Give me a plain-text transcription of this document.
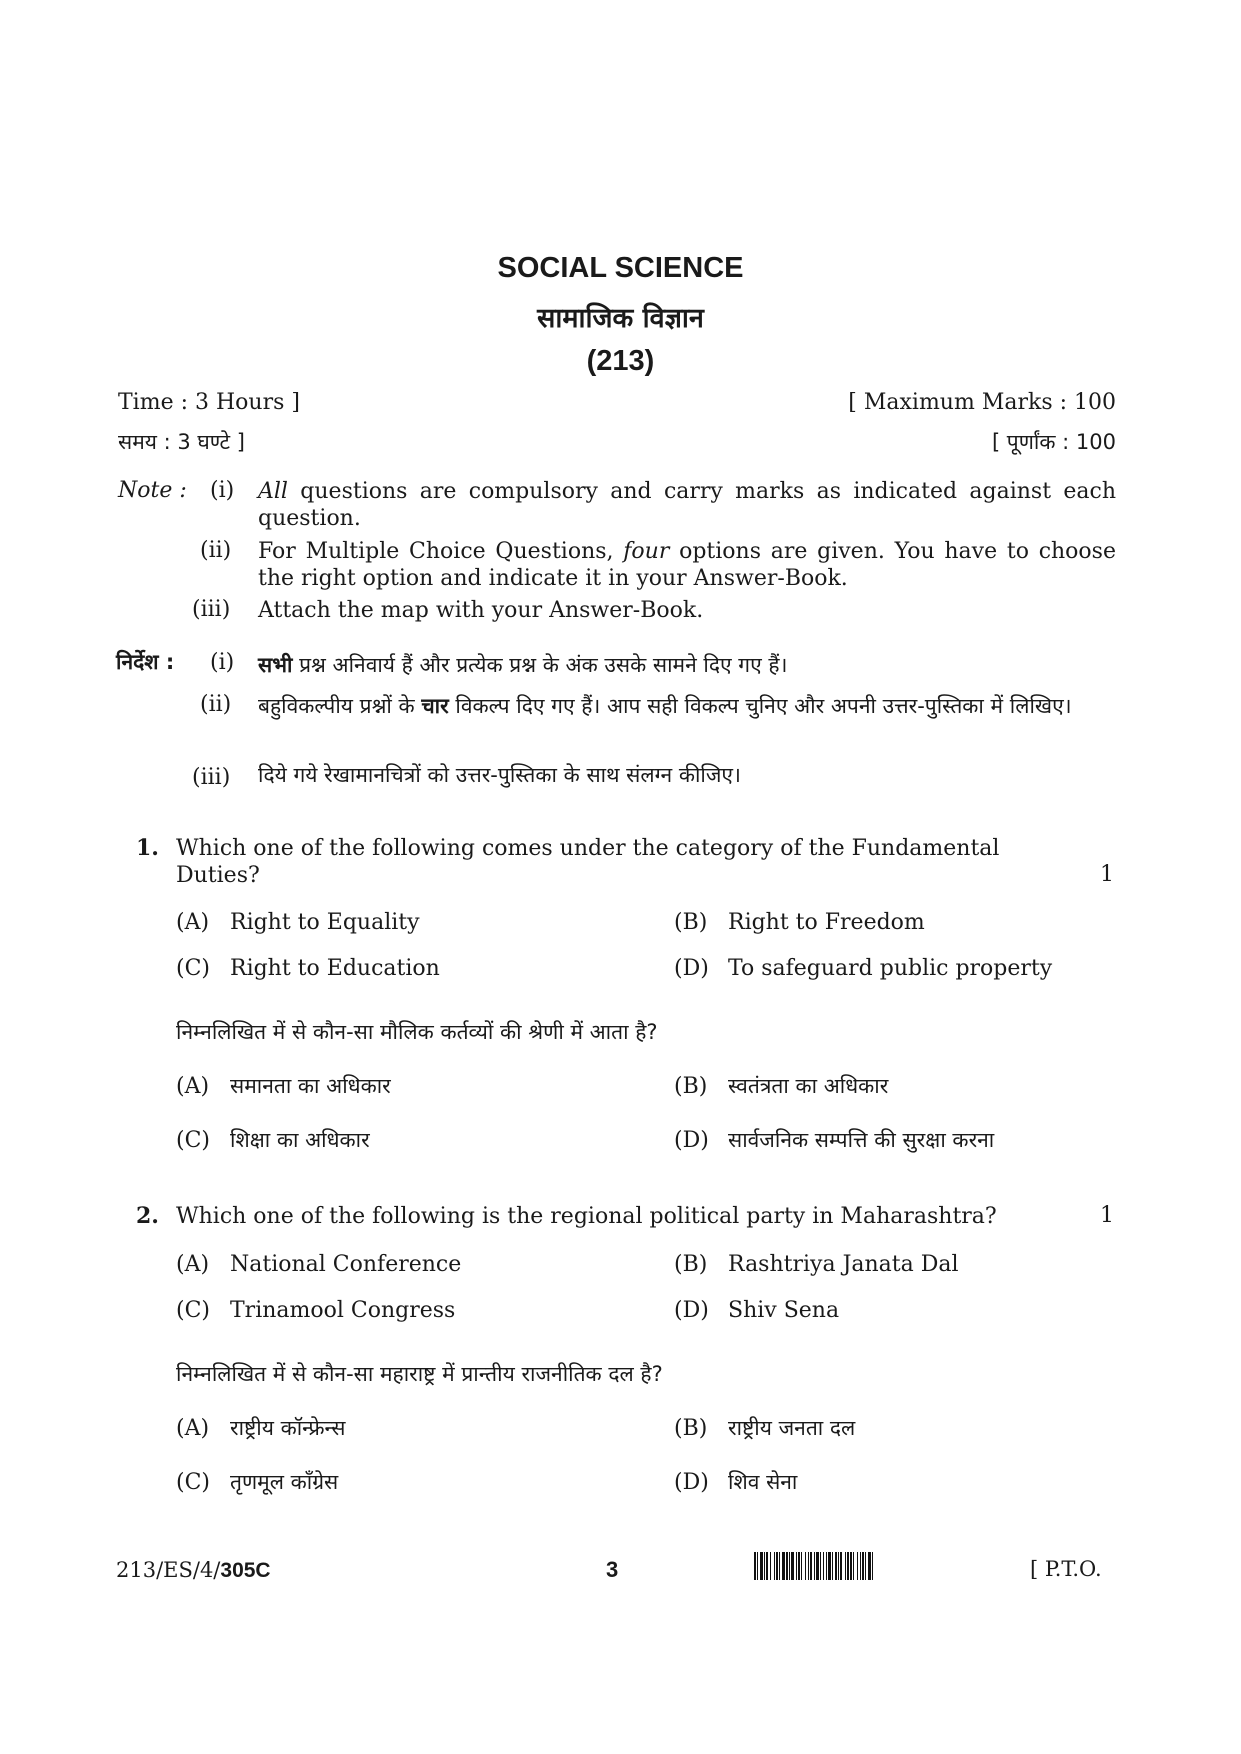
SOCIAL SCIENCE
सामाजिक विज्ञान
(213)
Time : 3 Hours ]	[ Maximum Marks : 100
समय : 3 घण्टे ]	[ पूर्णांक : 100
Note : (i) All questions are compulsory and carry marks as indicated against each question.
(ii) For Multiple Choice Questions, four options are given. You have to choose the right option and indicate it in your Answer-Book.
(iii) Attach the map with your Answer-Book.
निर्देश : (i) सभी प्रश्न अनिवार्य हैं और प्रत्येक प्रश्न के अंक उसके सामने दिए गए हैं।
(ii) बहुविकल्पीय प्रश्नों के चार विकल्प दिए गए हैं। आप सही विकल्प चुनिए और अपनी उत्तर-पुस्तिका में लिखिए।
(iii) दिये गये रेखामानचित्रों को उत्तर-पुस्तिका के साथ संलग्न कीजिए।
1. Which one of the following comes under the category of the Fundamental Duties?	1
(A) Right to Equality	(B) Right to Freedom
(C) Right to Education	(D) To safeguard public property
निम्नलिखित में से कौन-सा मौलिक कर्तव्यों की श्रेणी में आता है?
(A) समानता का अधिकार	(B) स्वतंत्रता का अधिकार
(C) शिक्षा का अधिकार	(D) सार्वजनिक सम्पत्ति की सुरक्षा करना
2. Which one of the following is the regional political party in Maharashtra?	1
(A) National Conference	(B) Rashtriya Janata Dal
(C) Trinamool Congress	(D) Shiv Sena
निम्नलिखित में से कौन-सा महाराष्ट्र में प्रान्तीय राजनीतिक दल है?
(A) राष्ट्रीय कॉन्फ्रेन्स	(B) राष्ट्रीय जनता दल
(C) तृणमूल कॉंग्रेस	(D) शिव सेना
213/ES/4/305C	3	[ P.T.O.
